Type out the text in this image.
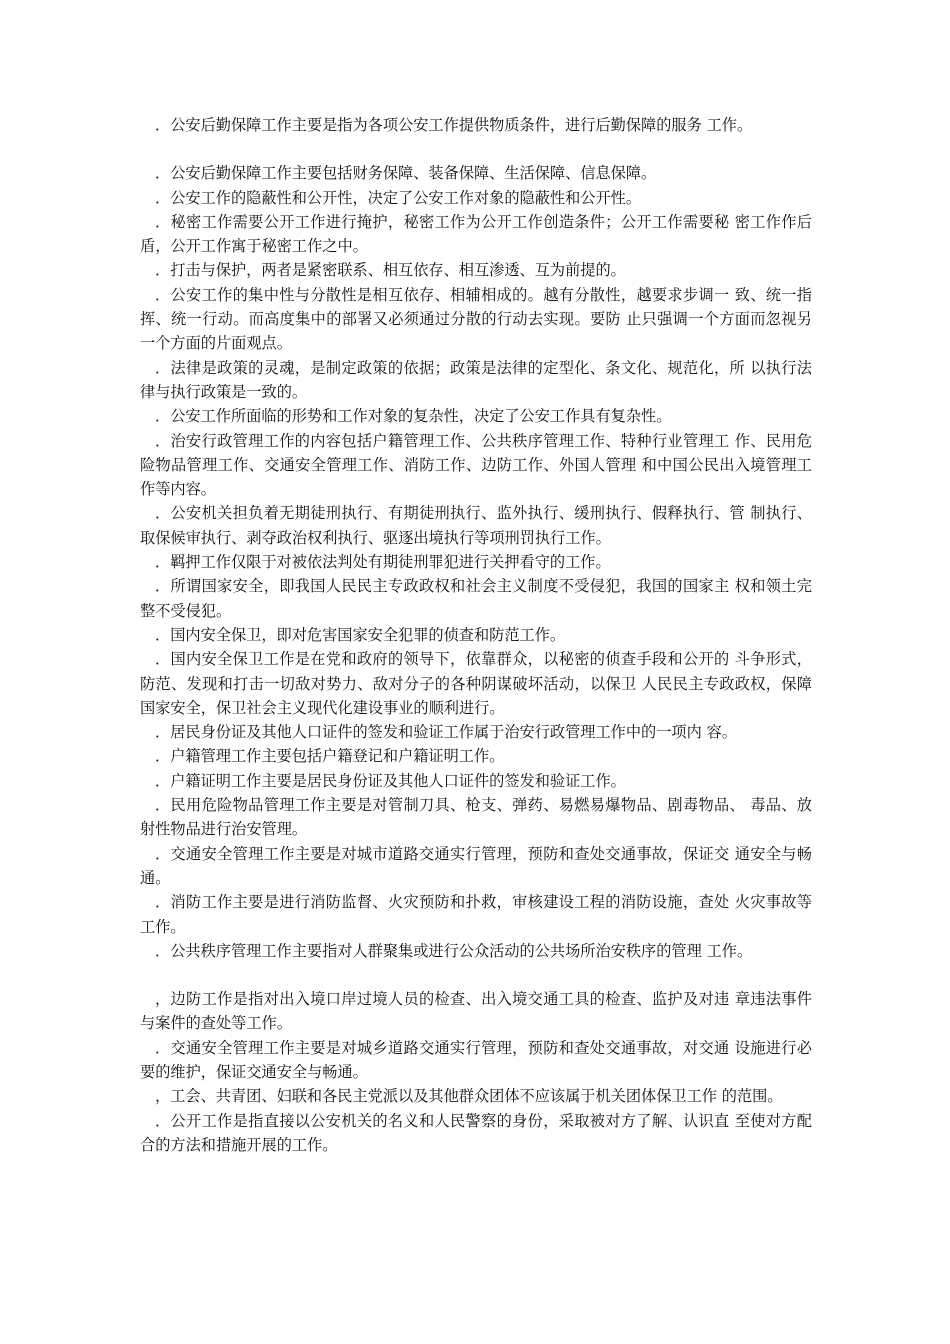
．公安后勤保障工作主要是指为各项公安工作提供物质条件，进行后勤保障的服务 工作。

．公安后勤保障工作主要包括财务保障、装备保障、生活保障、信息保障。

．公安工作的隐蔽性和公开性，决定了公安工作对象的隐蔽性和公开性。

．秘密工作需要公开工作进行掩护，秘密工作为公开工作创造条件；公开工作需要秘 密工作作后盾，公开工作寓于秘密工作之中。

．打击与保护，两者是紧密联系、相互依存、相互渗透、互为前提的。

．公安工作的集中性与分散性是相互依存、相辅相成的。越有分散性，越要求步调一 致、统一指挥、统一行动。而高度集中的部署又必须通过分散的行动去实现。要防 止只强调一个方面而忽视另一个方面的片面观点。

．法律是政策的灵魂，是制定政策的依据；政策是法律的定型化、条文化、规范化，所 以执行法律与执行政策是一致的。

．公安工作所面临的形势和工作对象的复杂性，决定了公安工作具有复杂性。

．治安行政管理工作的内容包括户籍管理工作、公共秩序管理工作、特种行业管理工 作、民用危险物品管理工作、交通安全管理工作、消防工作、边防工作、外国人管理 和中国公民出入境管理工作等内容。

．公安机关担负着无期徒刑执行、有期徒刑执行、监外执行、缓刑执行、假释执行、管 制执行、取保候审执行、剥夺政治权利执行、驱逐出境执行等项刑罚执行工作。

．羁押工作仅限于对被依法判处有期徒刑罪犯进行关押看守的工作。

．所谓国家安全，即我国人民民主专政政权和社会主义制度不受侵犯，我国的国家主 权和领土完整不受侵犯。

．国内安全保卫，即对危害国家安全犯罪的侦查和防范工作。

．国内安全保卫工作是在党和政府的领导下，依靠群众，以秘密的侦查手段和公开的 斗争形式，防范、发现和打击一切敌对势力、敌对分子的各种阴谋破坏活动，以保卫 人民民主专政政权，保障国家安全，保卫社会主义现代化建设事业的顺利进行。

．居民身份证及其他人口证件的签发和验证工作属于治安行政管理工作中的一项内 容。

．户籍管理工作主要包括户籍登记和户籍证明工作。

．户籍证明工作主要是居民身份证及其他人口证件的签发和验证工作。

．民用危险物品管理工作主要是对管制刀具、枪支、弹药、易燃易爆物品、剧毒物品、 毒品、放射性物品进行治安管理。

．交通安全管理工作主要是对城市道路交通实行管理，预防和查处交通事故，保证交 通安全与畅通。

．消防工作主要是进行消防监督、火灾预防和扑救，审核建设工程的消防设施，查处 火灾事故等工作。

．公共秩序管理工作主要指对人群聚集或进行公众活动的公共场所治安秩序的管理 工作。

，边防工作是指对出入境口岸过境人员的检查、出入境交通工具的检查、监护及对违 章违法事件与案件的查处等工作。

．交通安全管理工作主要是对城乡道路交通实行管理，预防和查处交通事故，对交通 设施进行必要的维护，保证交通安全与畅通。

，工会、共青团、妇联和各民主党派以及其他群众团体不应该属于机关团体保卫工作 的范围。

．公开工作是指直接以公安机关的名义和人民警察的身份，采取被对方了解、认识直 至使对方配合的方法和措施开展的工作。
